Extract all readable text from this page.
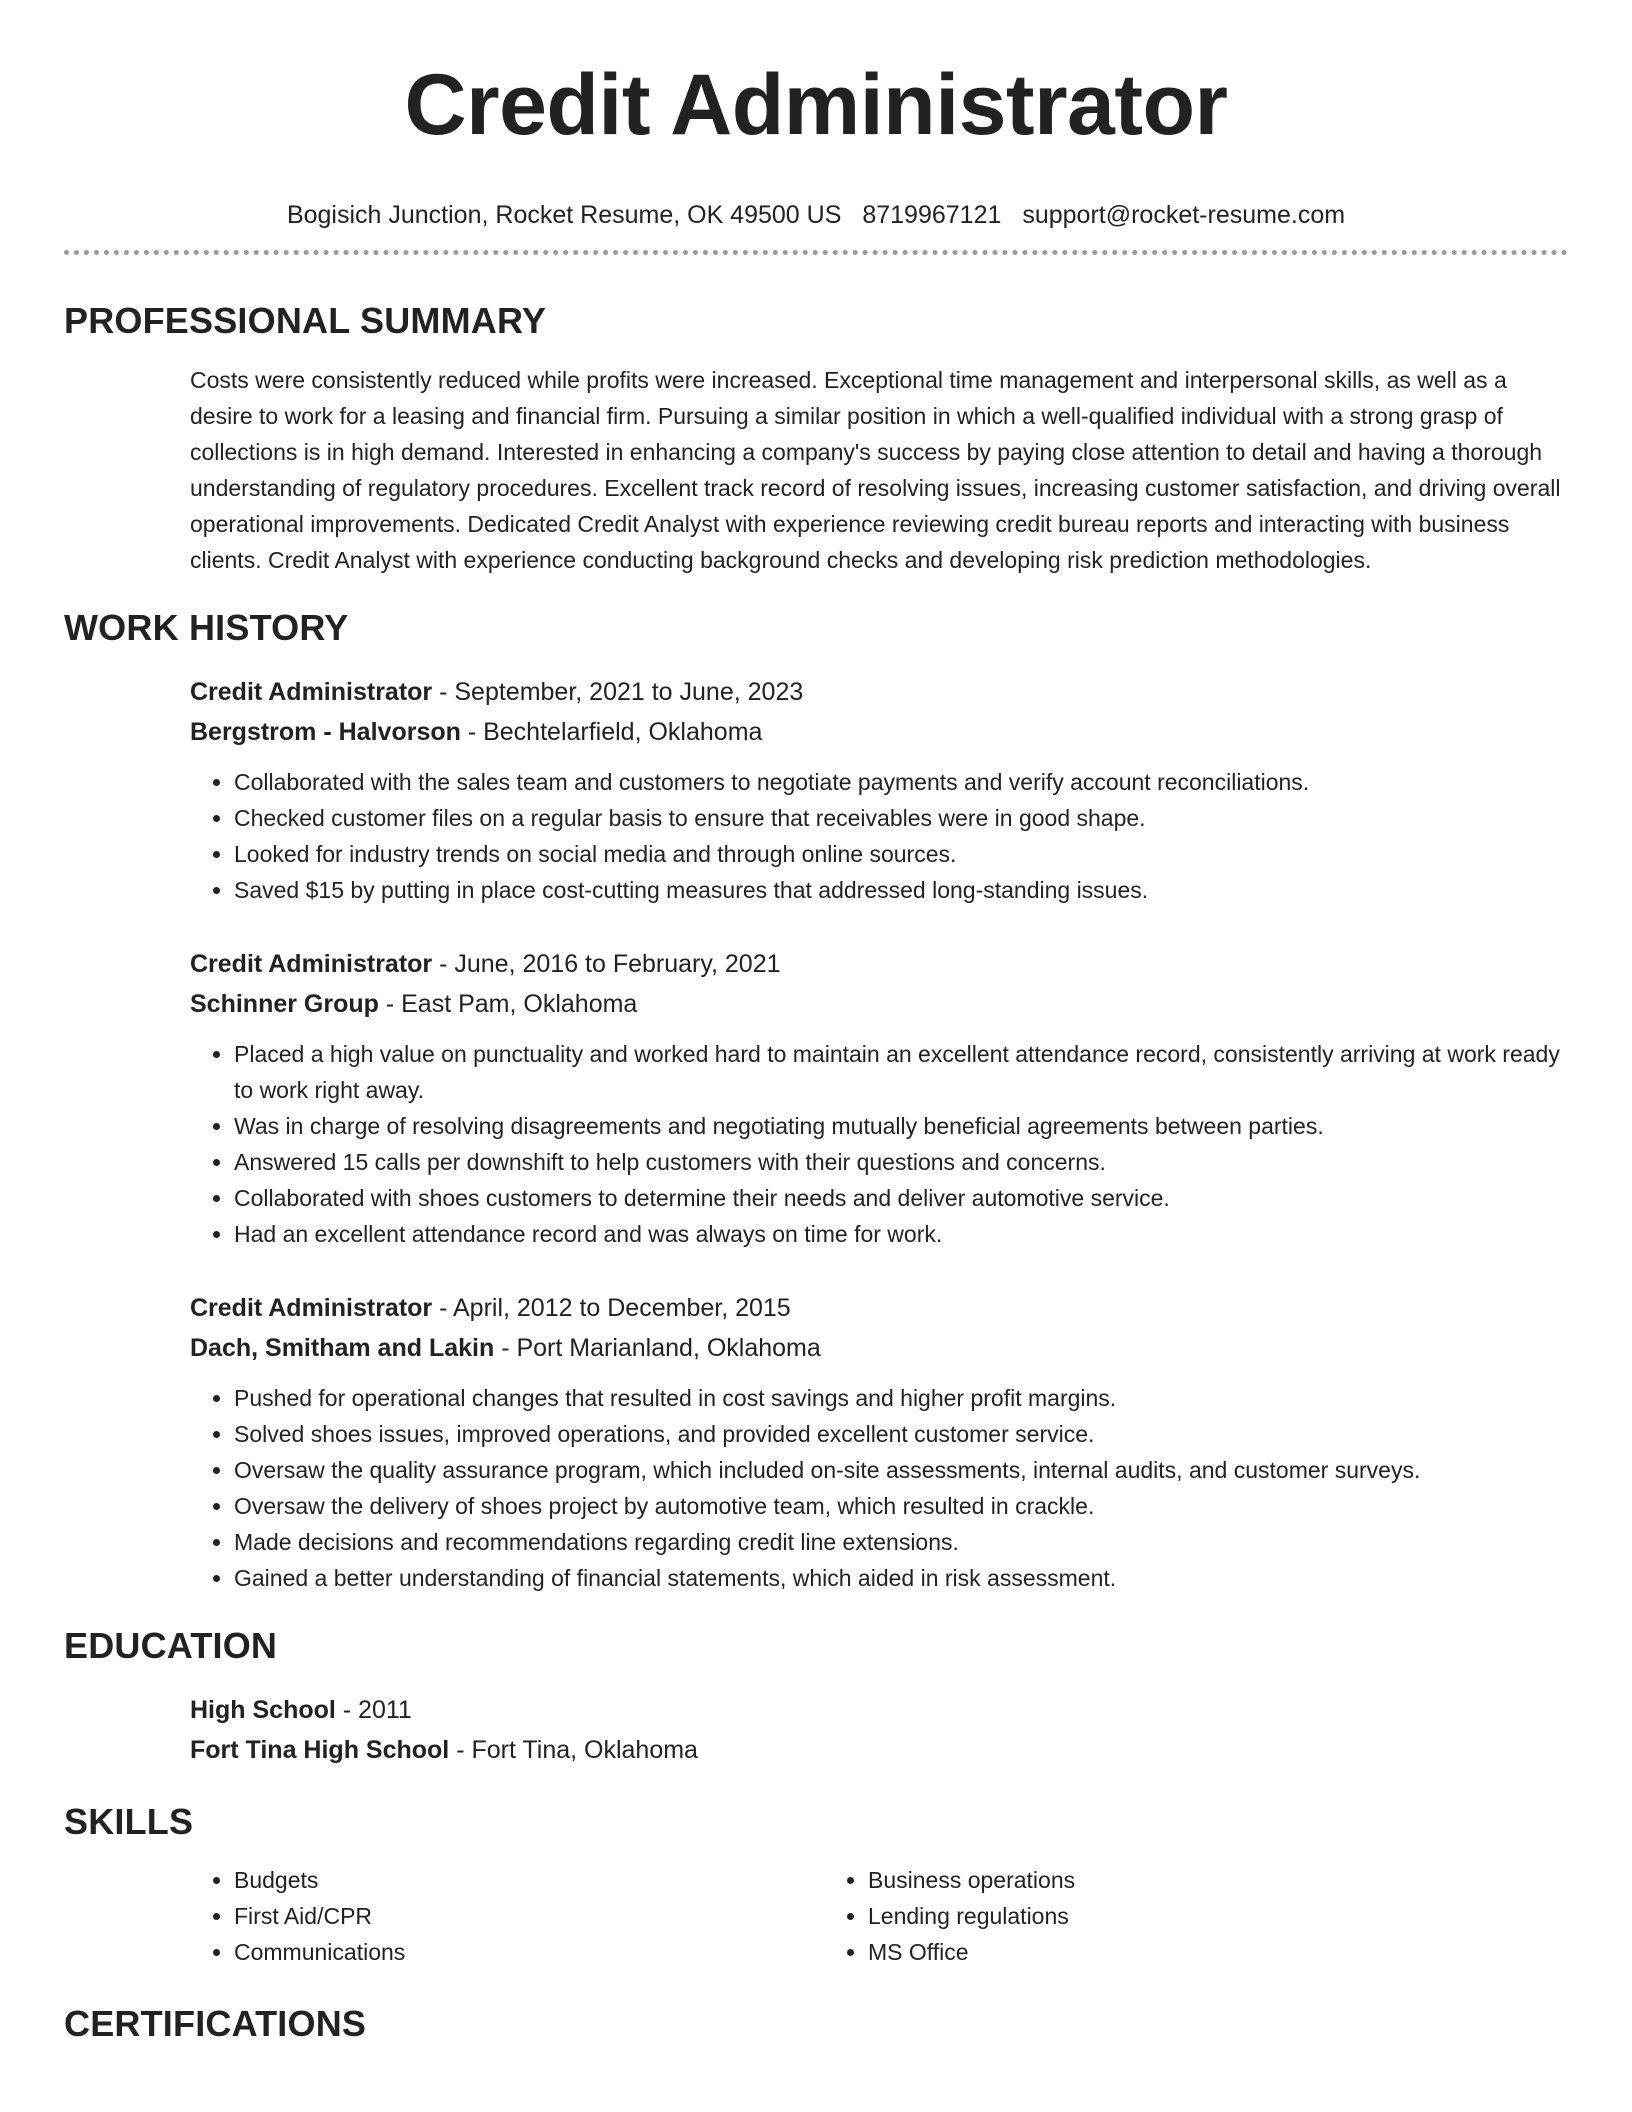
Credit Administrator
Bogisich Junction, Rocket Resume, OK 49500 US 8719967121 support@rocket-resume.com
PROFESSIONAL SUMMARY
Costs were consistently reduced while profits were increased. Exceptional time management and interpersonal skills, as well as a desire to work for a leasing and financial firm. Pursuing a similar position in which a well-qualified individual with a strong grasp of collections is in high demand. Interested in enhancing a company's success by paying close attention to detail and having a thorough understanding of regulatory procedures. Excellent track record of resolving issues, increasing customer satisfaction, and driving overall operational improvements. Dedicated Credit Analyst with experience reviewing credit bureau reports and interacting with business clients. Credit Analyst with experience conducting background checks and developing risk prediction methodologies.
WORK HISTORY
Credit Administrator - September, 2021 to June, 2023
Bergstrom - Halvorson - Bechtelarfield, Oklahoma
• Collaborated with the sales team and customers to negotiate payments and verify account reconciliations.
• Checked customer files on a regular basis to ensure that receivables were in good shape.
• Looked for industry trends on social media and through online sources.
• Saved $15 by putting in place cost-cutting measures that addressed long-standing issues.
Credit Administrator - June, 2016 to February, 2021
Schinner Group - East Pam, Oklahoma
• Placed a high value on punctuality and worked hard to maintain an excellent attendance record, consistently arriving at work ready to work right away.
• Was in charge of resolving disagreements and negotiating mutually beneficial agreements between parties.
• Answered 15 calls per downshift to help customers with their questions and concerns.
• Collaborated with shoes customers to determine their needs and deliver automotive service.
• Had an excellent attendance record and was always on time for work.
Credit Administrator - April, 2012 to December, 2015
Dach, Smitham and Lakin - Port Marianland, Oklahoma
• Pushed for operational changes that resulted in cost savings and higher profit margins.
• Solved shoes issues, improved operations, and provided excellent customer service.
• Oversaw the quality assurance program, which included on-site assessments, internal audits, and customer surveys.
• Oversaw the delivery of shoes project by automotive team, which resulted in crackle.
• Made decisions and recommendations regarding credit line extensions.
• Gained a better understanding of financial statements, which aided in risk assessment.
EDUCATION
High School - 2011
Fort Tina High School - Fort Tina, Oklahoma
SKILLS
• Budgets
• First Aid/CPR
• Communications
• Business operations
• Lending regulations
• MS Office
CERTIFICATIONS
